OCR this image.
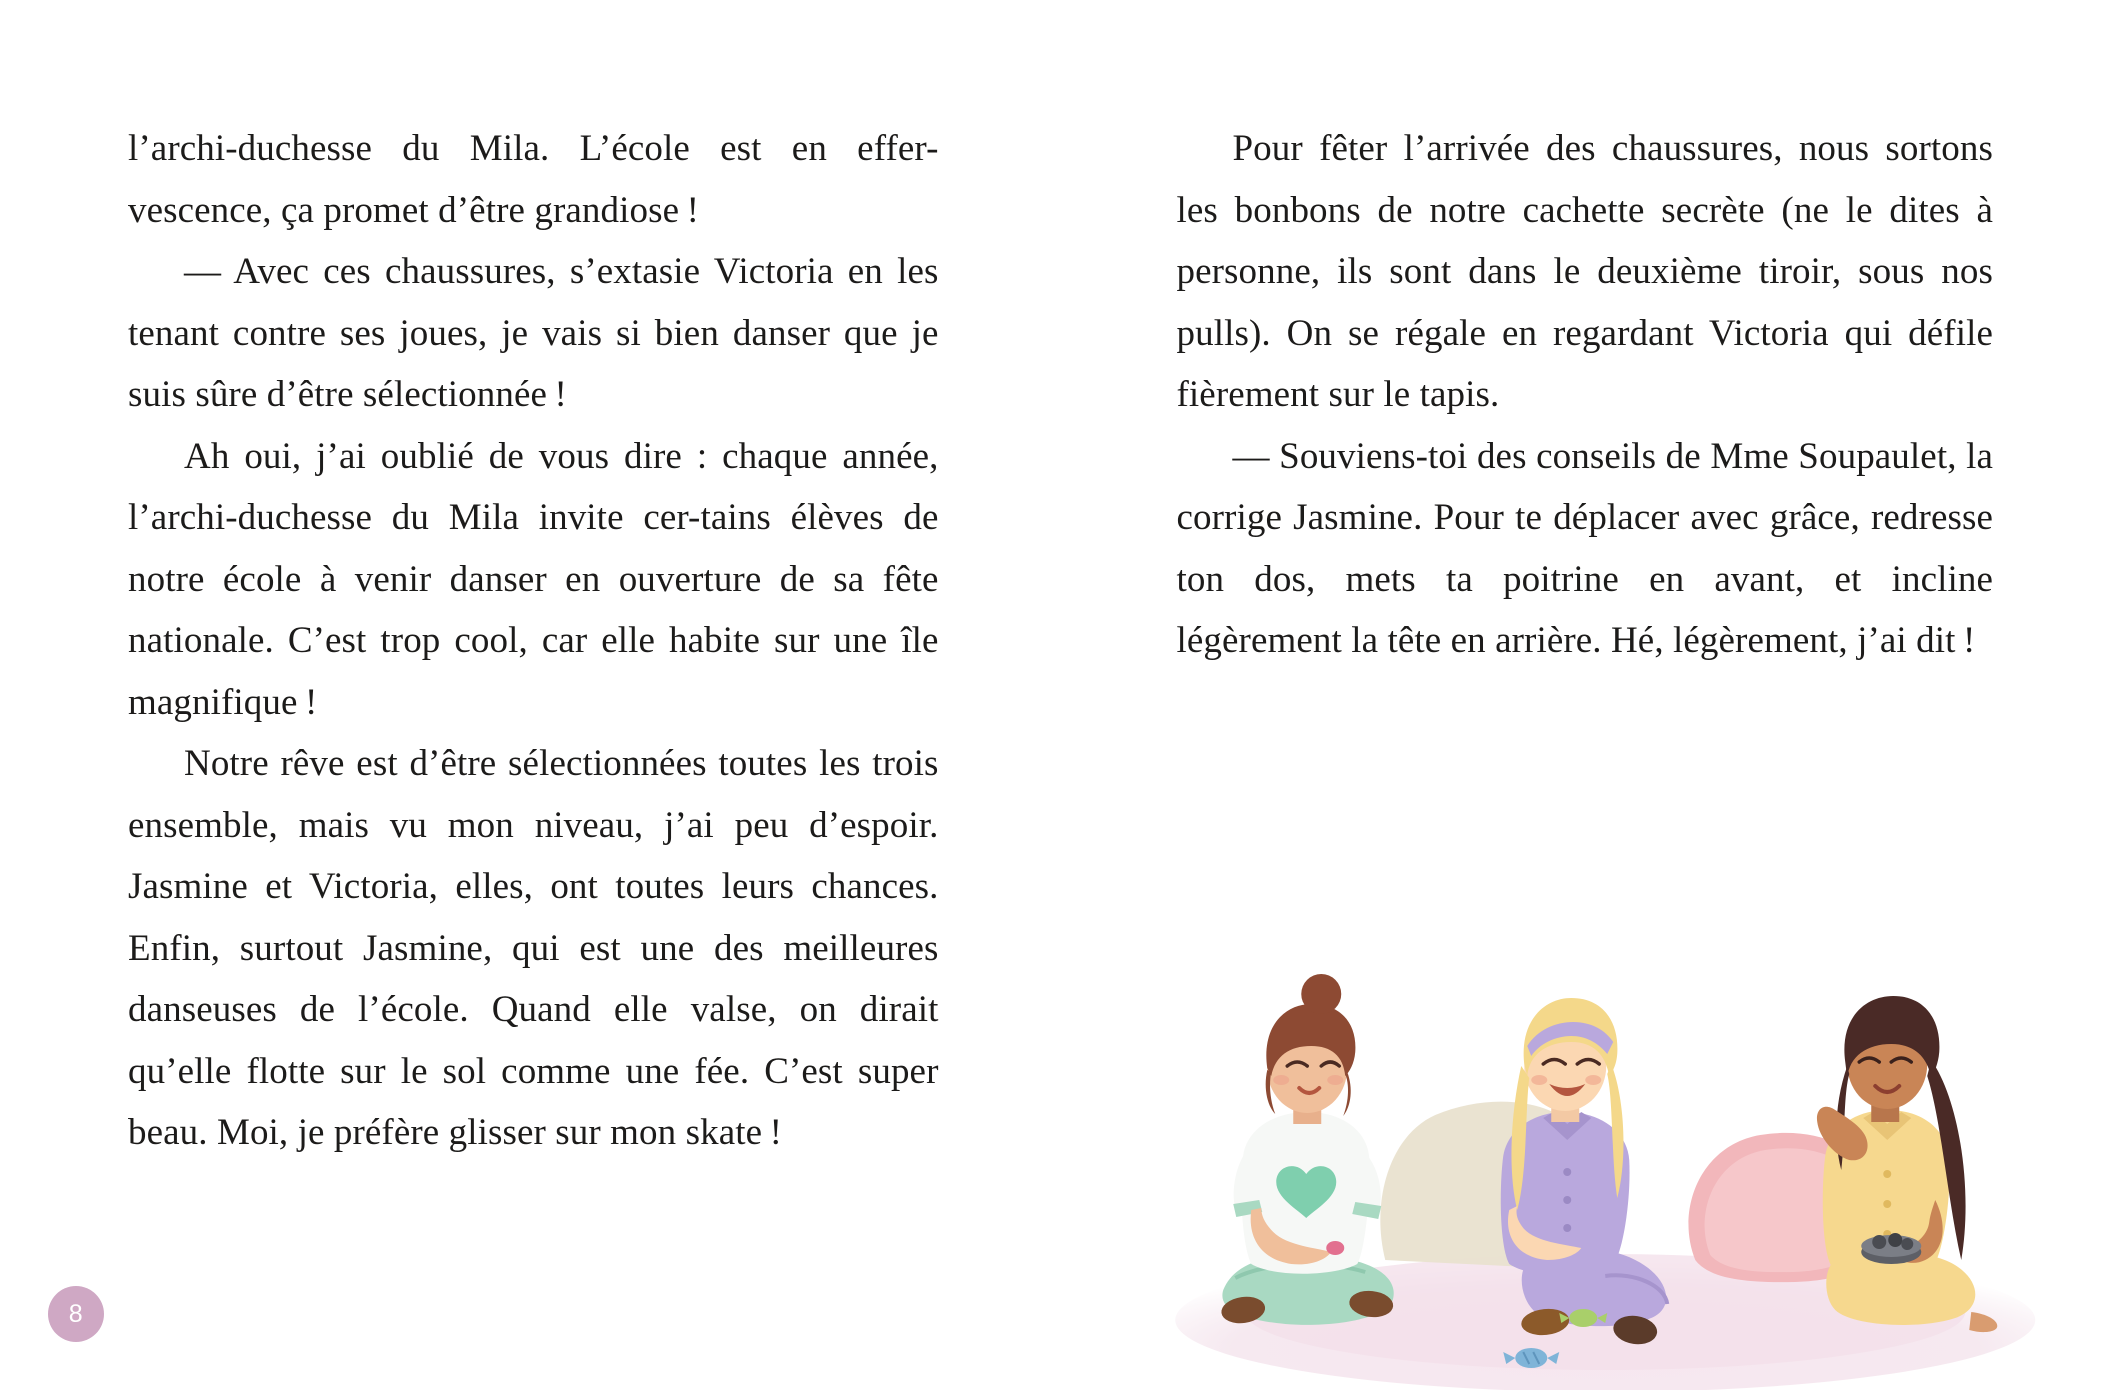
l’archi-duchesse du Mila. L’école est en effer-vescence, ça promet d’être grandiose !

— Avec ces chaussures, s’extasie Victoria en les tenant contre ses joues, je vais si bien danser que je suis sûre d’être sélectionnée !

Ah oui, j’ai oublié de vous dire : chaque année, l’archi-duchesse du Mila invite cer-tains élèves de notre école à venir danser en ouverture de sa fête nationale. C’est trop cool, car elle habite sur une île magnifique !

Notre rêve est d’être sélectionnées toutes les trois ensemble, mais vu mon niveau, j’ai peu d’espoir. Jasmine et Victoria, elles, ont toutes leurs chances. Enfin, surtout Jasmine, qui est une des meilleures danseuses de l’école. Quand elle valse, on dirait qu’elle flotte sur le sol comme une fée. C’est super beau. Moi, je préfère glisser sur mon skate !

8

Pour fêter l’arrivée des chaussures, nous sortons les bonbons de notre cachette secrète (ne le dites à personne, ils sont dans le deuxième tiroir, sous nos pulls). On se régale en regardant Victoria qui défile fièrement sur le tapis.

— Souviens-toi des conseils de Mme Soupaulet, la corrige Jasmine. Pour te déplacer avec grâce, redresse ton dos, mets ta poitrine en avant, et incline légèrement la tête en arrière. Hé, légèrement, j’ai dit !
